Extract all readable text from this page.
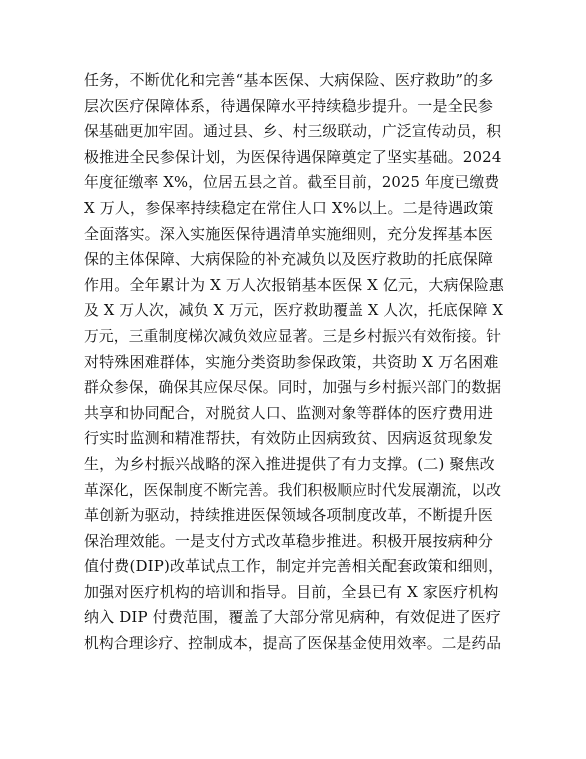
任务，不断优化和完善“基本医保、大病保险、医疗救助”的多
层次医疗保障体系，待遇保障水平持续稳步提升。一是全民参
保基础更加牢固。通过县、乡、村三级联动，广泛宣传动员，积
极推进全民参保计划，为医保待遇保障奠定了坚实基础。2024
年度征缴率 X%，位居五县之首。截至目前，2025 年度已缴费
X 万人，参保率持续稳定在常住人口 X%以上。二是待遇政策
全面落实。深入实施医保待遇清单实施细则，充分发挥基本医
保的主体保障、大病保险的补充减负以及医疗救助的托底保障
作用。全年累计为 X 万人次报销基本医保 X 亿元，大病保险惠
及 X 万人次，减负 X 万元，医疗救助覆盖 X 人次，托底保障 X
万元，三重制度梯次减负效应显著。三是乡村振兴有效衔接。针
对特殊困难群体，实施分类资助参保政策，共资助 X 万名困难
群众参保，确保其应保尽保。同时，加强与乡村振兴部门的数据
共享和协同配合，对脱贫人口、监测对象等群体的医疗费用进
行实时监测和精准帮扶，有效防止因病致贫、因病返贫现象发
生，为乡村振兴战略的深入推进提供了有力支撑。(二) 聚焦改
革深化，医保制度不断完善。我们积极顺应时代发展潮流，以改
革创新为驱动，持续推进医保领域各项制度改革，不断提升医
保治理效能。一是支付方式改革稳步推进。积极开展按病种分
值付费(DIP)改革试点工作，制定并完善相关配套政策和细则，
加强对医疗机构的培训和指导。目前，全县已有 X 家医疗机构
纳入 DIP 付费范围，覆盖了大部分常见病种，有效促进了医疗
机构合理诊疗、控制成本，提高了医保基金使用效率。二是药品
